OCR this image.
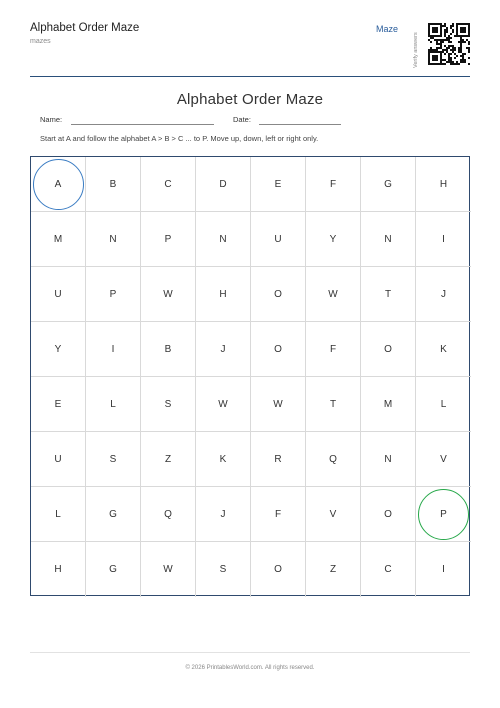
Alphabet Order Maze
mazes
Maze
Verify answers
Alphabet Order Maze
Name:	Date:
Start at A and follow the alphabet A > B > C ... to P. Move up, down, left or right only.
A	B	C	D	E	F	G	H
M	N	P	N	U	Y	N	I
U	P	W	H	O	W	T	J
Y	I	B	J	O	F	O	K
E	L	S	W	W	T	M	L
U	S	Z	K	R	Q	N	V
L	G	Q	J	F	V	O	P
H	G	W	S	O	Z	C	I
© 2026 PrintablesWorld.com. All rights reserved.
